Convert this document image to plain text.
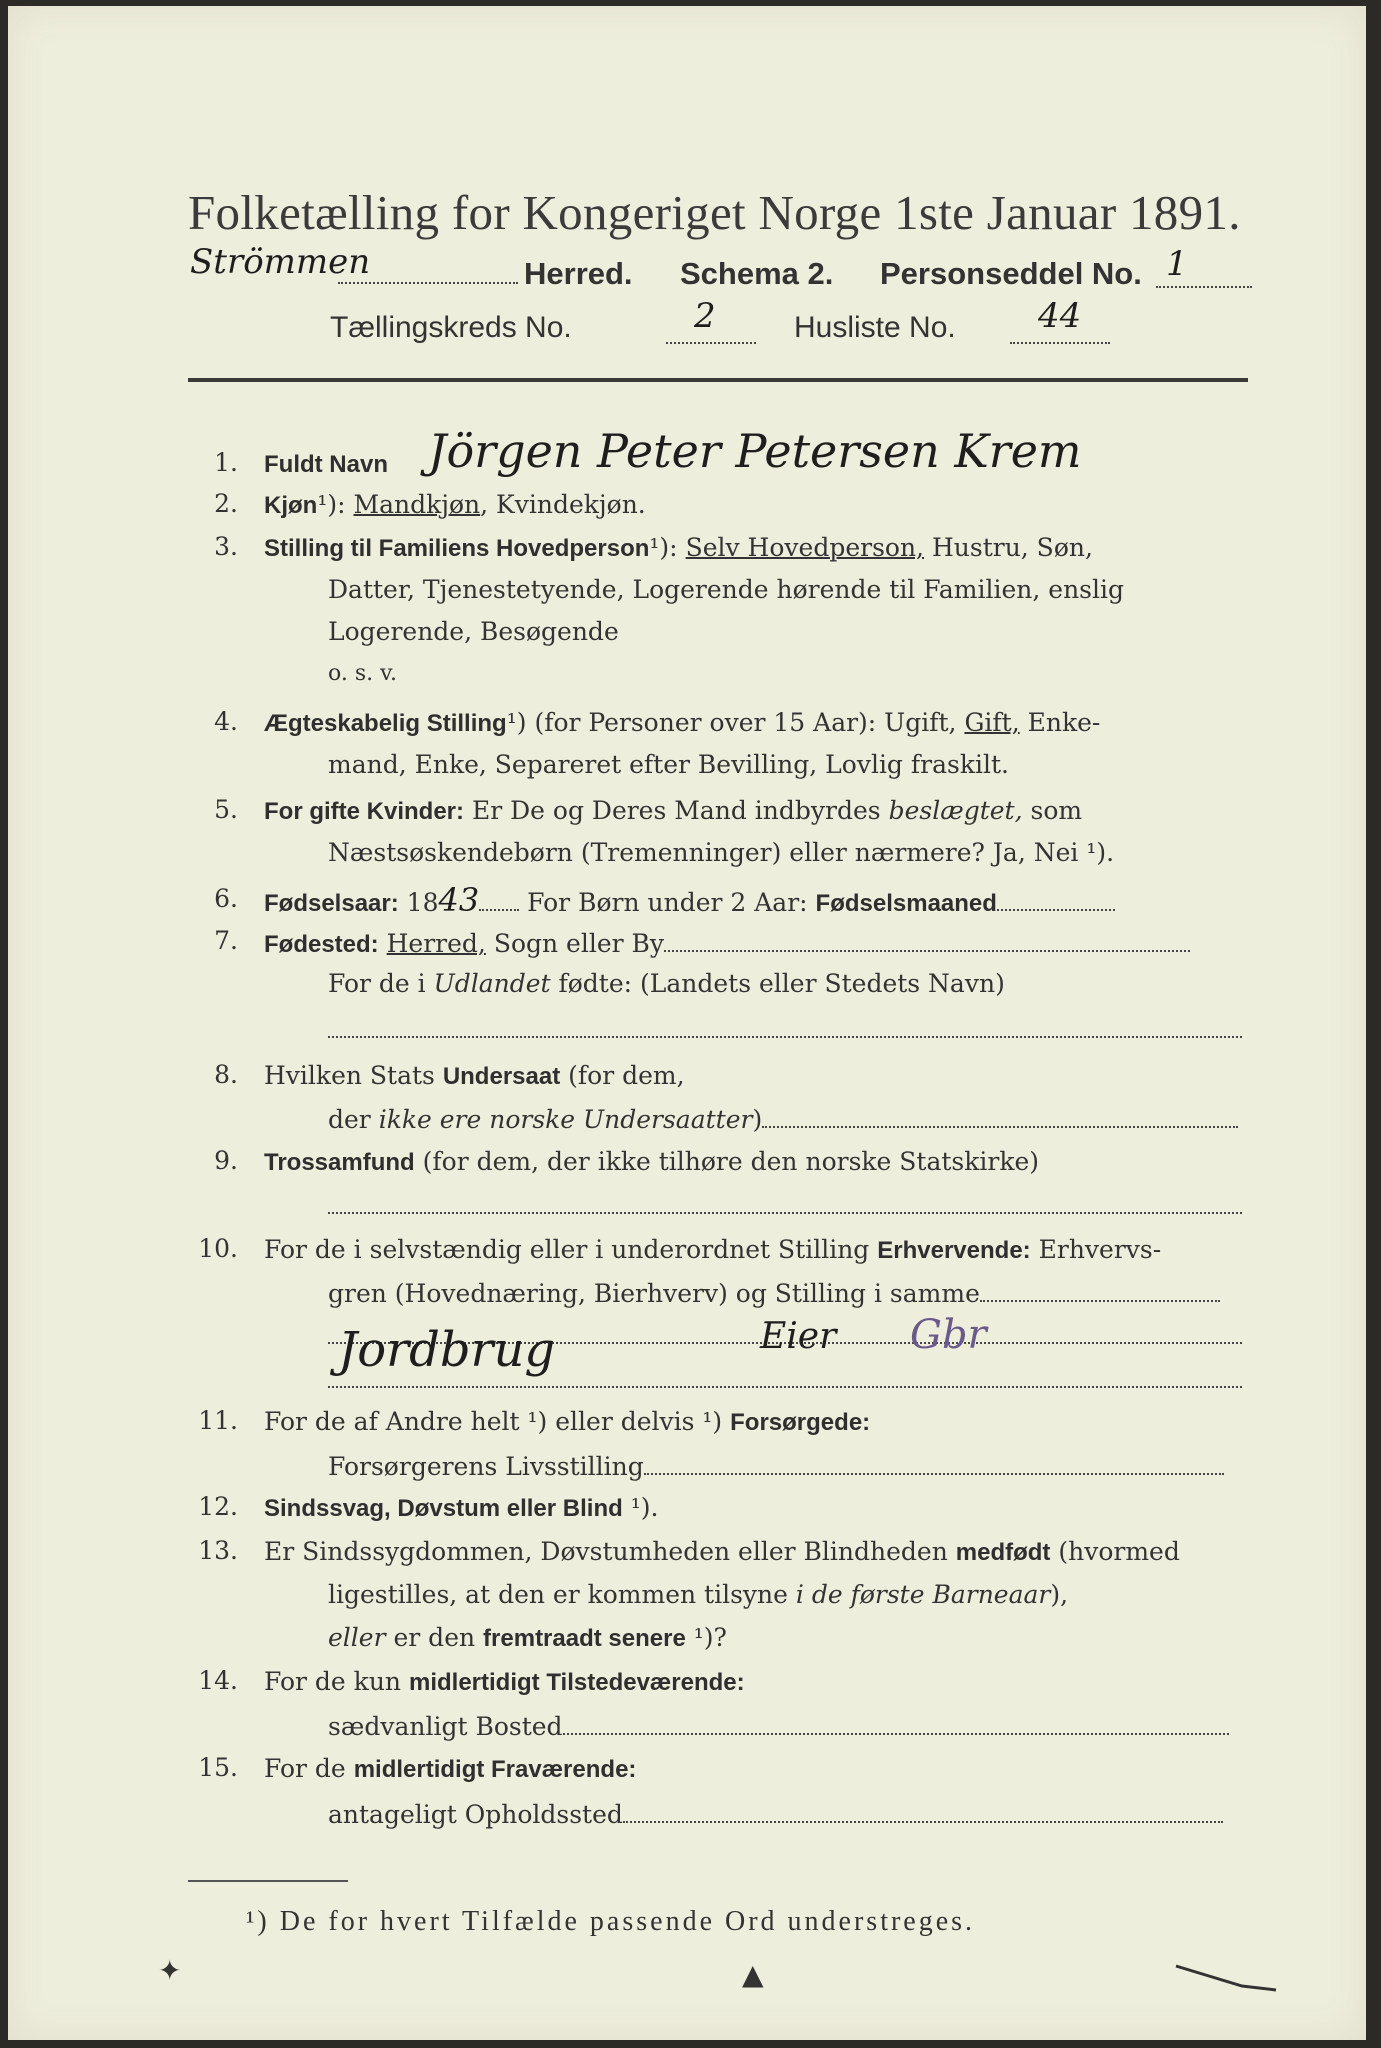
Folketælling for Kongeriget Norge 1ste Januar 1891.
Strömmen	Herred. Schema 2. Personseddel No. 1
Tællingskreds No.	2	Husliste No. 44
1. Fuldt Navn Jörgen Peter Petersen Krem
2. Kjøn¹): Mandkjøn, Kvindekjøn.
3. Stilling til Familiens Hovedperson¹): Selv Hovedperson, Hustru, Søn,
Datter, Tjenestetyende, Logerende hørende til Familien, enslig
Logerende, Besøgende
o. s. v.
4. Ægteskabelig Stilling¹) (for Personer over 15 Aar): Ugift, Gift, Enke-
mand, Enke, Separeret efter Bevilling, Lovlig fraskilt.
5. For gifte Kvinder: Er De og Deres Mand indbyrdes beslægtet, som
Næstsøskendebørn (Tremenninger) eller nærmere? Ja, Nei ¹).
6. Fødselsaar: 1843 For Børn under 2 Aar: Fødselsmaaned
7. Fødested: Herred, Sogn eller By
For de i Udlandet fødte: (Landets eller Stedets Navn)
8. Hvilken Stats Undersaat (for dem,
der ikke ere norske Undersaatter)
9. Trossamfund (for dem, der ikke tilhøre den norske Statskirke)
10. For de i selvstændig eller i underordnet Stilling Erhvervende: Erhvervs-
gren (Hovednæring, Bierhverv) og Stilling i samme
Jordbrug	Eier Gbr
11. For de af Andre helt ¹) eller delvis ¹) Forsørgede:
Forsørgerens Livsstilling
12. Sindssvag, Døvstum eller Blind ¹).
13. Er Sindssygdommen, Døvstumheden eller Blindheden medfødt (hvormed
ligestilles, at den er kommen tilsyne i de første Barneaar),
eller er den fremtraadt senere ¹)?
14. For de kun midlertidigt Tilstedeværende:
sædvanligt Bosted
15. For de midlertidigt Fraværende:
antageligt Opholdssted
¹) De for hvert Tilfælde passende Ord understreges.
✦	▲
